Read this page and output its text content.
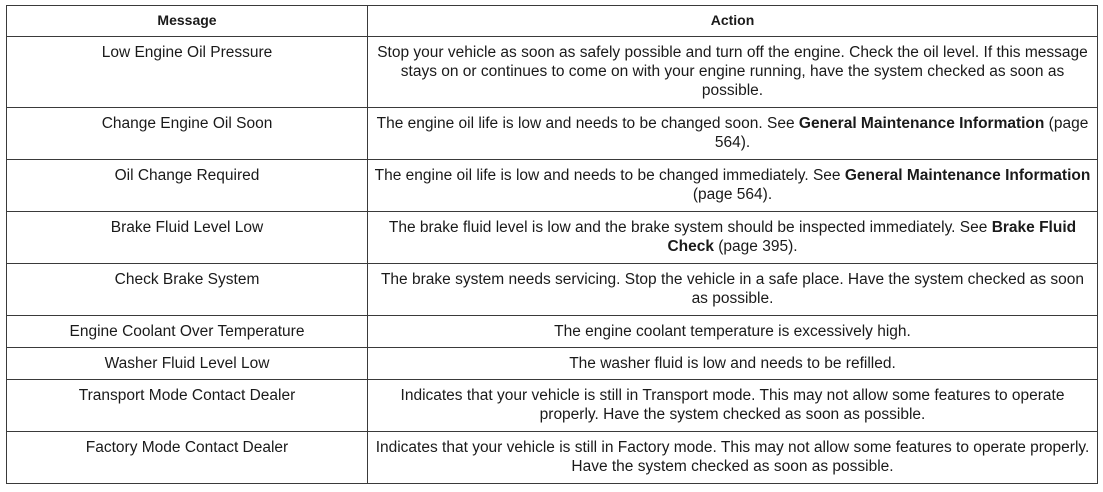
Message	Action
Low Engine Oil Pressure	Stop your vehicle as soon as safely possible and turn off the engine. Check the oil level. If this message stays on or continues to come on with your engine running, have the system checked as soon as possible.
Change Engine Oil Soon	The engine oil life is low and needs to be changed soon. See General Maintenance Information (page 564).
Oil Change Required	The engine oil life is low and needs to be changed immediately. See General Maintenance Information (page 564).
Brake Fluid Level Low	The brake fluid level is low and the brake system should be inspected immediately. See Brake Fluid Check (page 395).
Check Brake System	The brake system needs servicing. Stop the vehicle in a safe place. Have the system checked as soon as possible.
Engine Coolant Over Temperature	The engine coolant temperature is excessively high.
Washer Fluid Level Low	The washer fluid is low and needs to be refilled.
Transport Mode Contact Dealer	Indicates that your vehicle is still in Transport mode. This may not allow some features to operate properly. Have the system checked as soon as possible.
Factory Mode Contact Dealer	Indicates that your vehicle is still in Factory mode. This may not allow some features to operate properly. Have the system checked as soon as possible.
